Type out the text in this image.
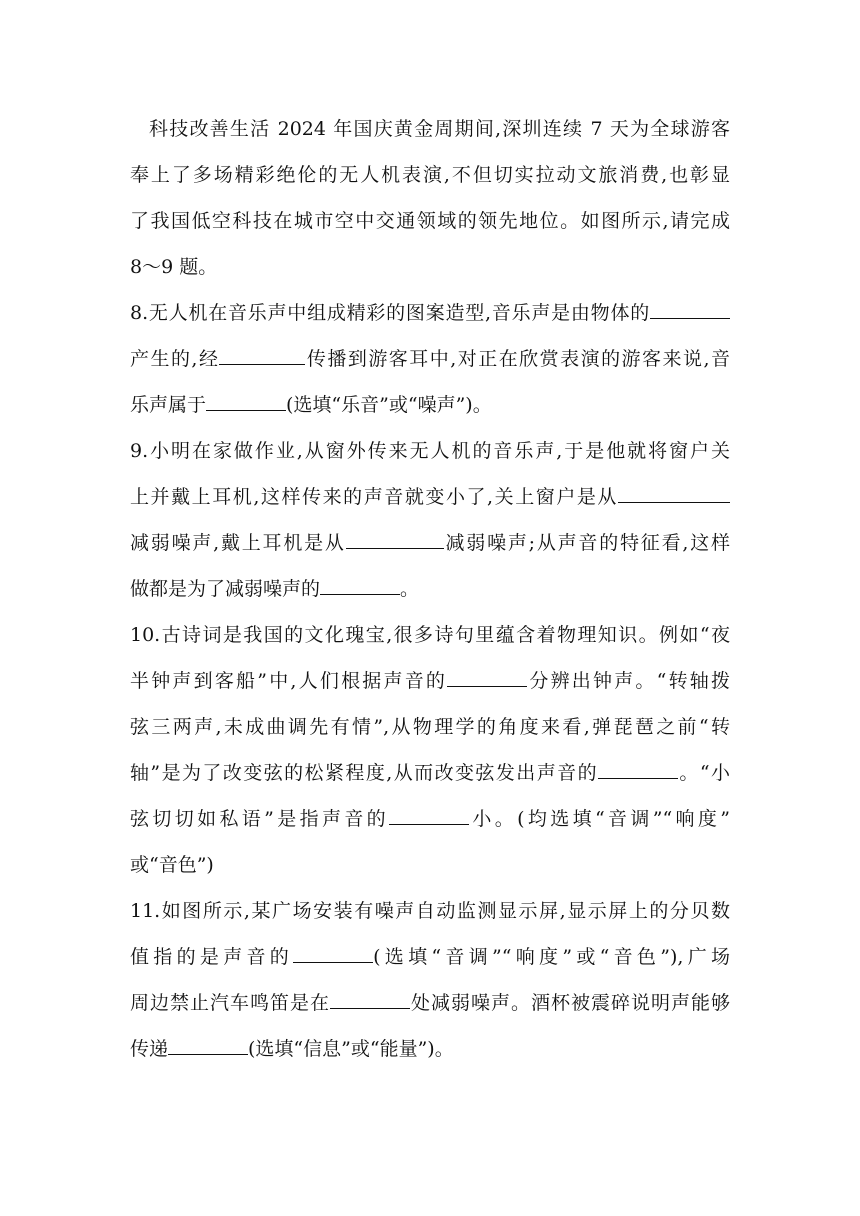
科技改善生活 2024 年国庆黄金周期间,深圳连续 7 天为全球游客
奉上了多场精彩绝伦的无人机表演,不但切实拉动文旅消费,也彰显
了我国低空科技在城市空中交通领域的领先地位。如图所示,请完成
8～9 题。
8.无人机在音乐声中组成精彩的图案造型,音乐声是由物体的
产生的,经	传播到游客耳中,对正在欣赏表演的游客来说,音
乐声属于	(选填“乐音”或“噪声”)。
9.小明在家做作业,从窗外传来无人机的音乐声,于是他就将窗户关
上并戴上耳机,这样传来的声音就变小了,关上窗户是从
减弱噪声,戴上耳机是从	减弱噪声;从声音的特征看,这样
做都是为了减弱噪声的	。
10.古诗词是我国的文化瑰宝,很多诗句里蕴含着物理知识。例如“夜
半钟声到客船”中,人们根据声音的	分辨出钟声。“转轴拨
弦三两声,未成曲调先有情”,从物理学的角度来看,弹琵琶之前“转
轴”是为了改变弦的松紧程度,从而改变弦发出声音的	。“小
弦切切如私语”是指声音的	小。(均选填“音调”“响度”
或“音色”)
11.如图所示,某广场安装有噪声自动监测显示屏,显示屏上的分贝数
值指的是声音的	(选填“音调”“响度”或“音色”),广场
周边禁止汽车鸣笛是在	处减弱噪声。酒杯被震碎说明声能够
传递	(选填“信息”或“能量”)。
